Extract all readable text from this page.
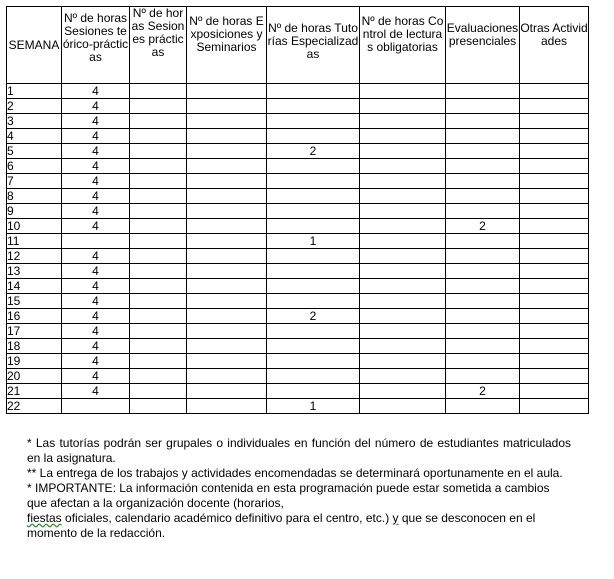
SEMANA	Nº de horas Sesiones teórico-prácticas	Nº de horas Sesiones prácticas	Nº de horas Exposiciones y Seminarios	Nº de horas Tutorías Especializadas	Nº de horas Control de lecturas obligatorias	Evaluaciones presenciales	Otras Actividades
1	4						
2	4						
3	4						
4	4						
5	4			2			
6	4						
7	4						
8	4						
9	4						
10	4					2	
11				1			
12	4						
13	4						
14	4						
15	4						
16	4			2			
17	4						
18	4						
19	4						
20	4						
21	4					2	
22				1			

* Las tutorías podrán ser grupales o individuales en función del número de estudiantes matriculados en la asignatura.

** La entrega de los trabajos y actividades encomendadas se determinará oportunamente en el aula.

* IMPORTANTE: La información contenida en esta programación puede estar sometida a cambios que afectan a la organización docente (horarios,
fiestas oficiales, calendario académico definitivo para el centro, etc.) y que se desconocen en el momento de la redacción.
